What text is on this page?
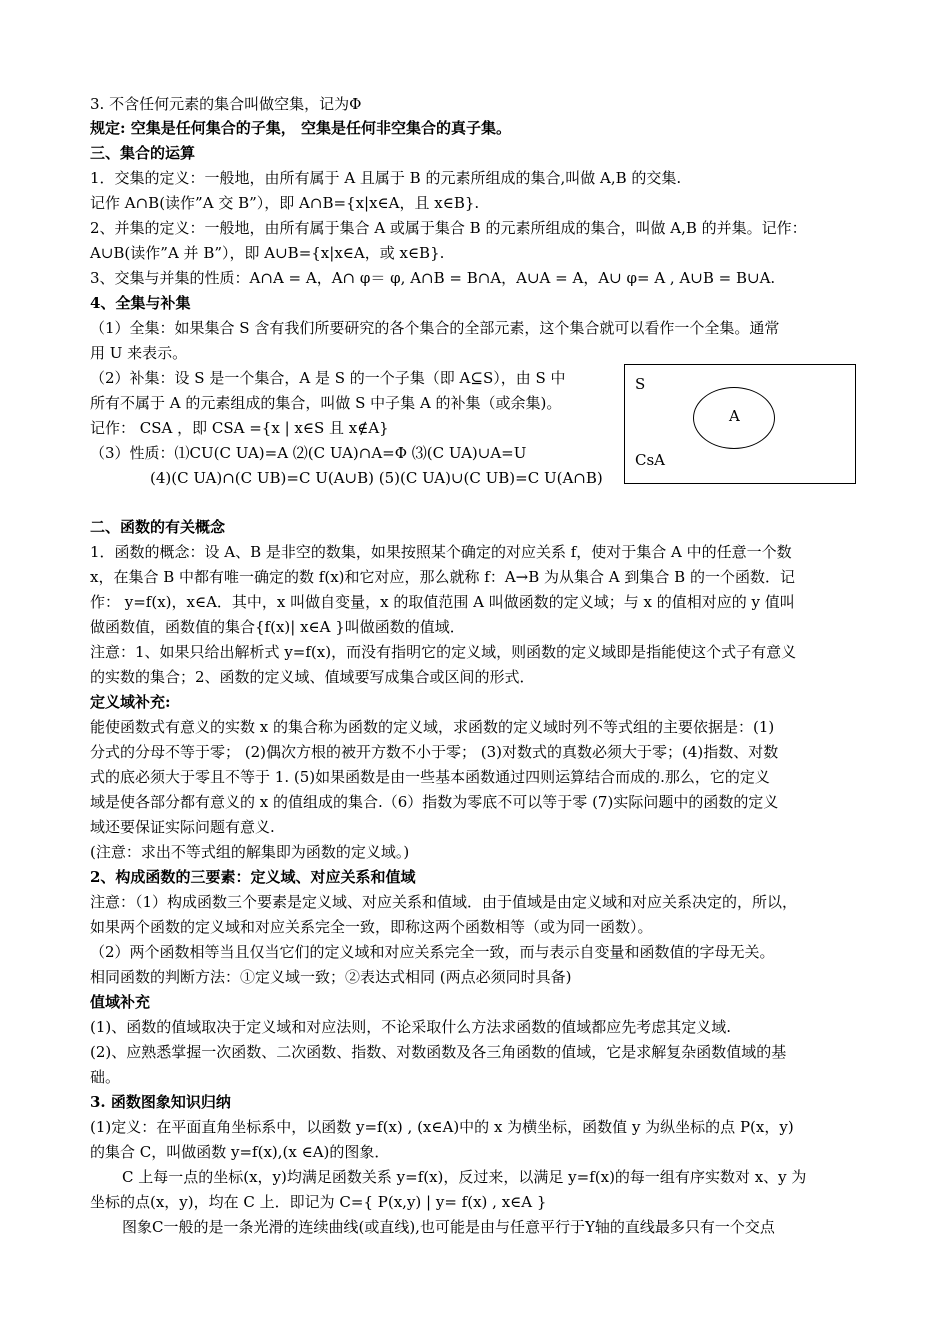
3. 不含任何元素的集合叫做空集，记为Φ
规定: 空集是任何集合的子集， 空集是任何非空集合的真子集。
三、集合的运算
1．交集的定义：一般地，由所有属于 A 且属于 B 的元素所组成的集合,叫做 A,B 的交集.
记作 A∩B(读作”A 交 B”），即 A∩B={x|x∈A，且 x∈B}.
2、并集的定义：一般地，由所有属于集合 A 或属于集合 B 的元素所组成的集合，叫做 A,B 的并集。记作：
A∪B(读作”A 并 B”），即 A∪B={x|x∈A，或 x∈B}.
3、交集与并集的性质：A∩A = A，A∩ φ＝ φ, A∩B = B∩A，A∪A = A，A∪ φ= A , A∪B = B∪A.
4、全集与补集
（1）全集：如果集合 S 含有我们所要研究的各个集合的全部元素，这个集合就可以看作一个全集。通常
用 U 来表示。
（2）补集：设 S 是一个集合，A 是 S 的一个子集（即 A⊆S），由 S 中
所有不属于 A 的元素组成的集合，叫做 S 中子集 A 的补集（或余集)。
记作： CSA ，即 CSA ={x | x∈S 且 x∉A}
（3）性质：⑴CU(C UA)=A ⑵(C UA)∩A=Φ ⑶(C UA)∪A=U
(4)(C UA)∩(C UB)=C U(A∪B) (5)(C UA)∪(C UB)=C U(A∩B)
S
A
CsA
二、函数的有关概念
1．函数的概念：设 A、B 是非空的数集，如果按照某个确定的对应关系 f，使对于集合 A 中的任意一个数
x，在集合 B 中都有唯一确定的数 f(x)和它对应，那么就称 f：A→B 为从集合 A 到集合 B 的一个函数．记
作： y=f(x)，x∈A．其中，x 叫做自变量，x 的取值范围 A 叫做函数的定义域；与 x 的值相对应的 y 值叫
做函数值，函数值的集合{f(x)| x∈A }叫做函数的值域．
注意：1、如果只给出解析式 y=f(x)，而没有指明它的定义域，则函数的定义域即是指能使这个式子有意义
的实数的集合；2、函数的定义域、值域要写成集合或区间的形式．
定义域补充:
能使函数式有意义的实数 x 的集合称为函数的定义域，求函数的定义域时列不等式组的主要依据是：(1)
分式的分母不等于零； (2)偶次方根的被开方数不小于零； (3)对数式的真数必须大于零；(4)指数、对数
式的底必须大于零且不等于 1. (5)如果函数是由一些基本函数通过四则运算结合而成的.那么，它的定义
域是使各部分都有意义的 x 的值组成的集合.（6）指数为零底不可以等于零 (7)实际问题中的函数的定义
域还要保证实际问题有意义.
(注意：求出不等式组的解集即为函数的定义域。)
2、构成函数的三要素：定义域、对应关系和值域
注意：（1）构成函数三个要素是定义域、对应关系和值域．由于值域是由定义域和对应关系决定的，所以，
如果两个函数的定义域和对应关系完全一致，即称这两个函数相等（或为同一函数）。
（2）两个函数相等当且仅当它们的定义域和对应关系完全一致，而与表示自变量和函数值的字母无关。
相同函数的判断方法：①定义域一致；②表达式相同 (两点必须同时具备)
值域补充
(1)、函数的值域取决于定义域和对应法则，不论采取什么方法求函数的值域都应先考虑其定义域.
(2)、应熟悉掌握一次函数、二次函数、指数、对数函数及各三角函数的值域，它是求解复杂函数值域的基
础。
3. 函数图象知识归纳
(1)定义：在平面直角坐标系中，以函数 y=f(x) , (x∈A)中的 x 为横坐标，函数值 y 为纵坐标的点 P(x，y)
的集合 C，叫做函数 y=f(x),(x ∈A)的图象．
C 上每一点的坐标(x，y)均满足函数关系 y=f(x)，反过来，以满足 y=f(x)的每一组有序实数对 x、y 为
坐标的点(x，y)，均在 C 上．即记为 C={ P(x,y) | y= f(x) , x∈A }
图象C一般的是一条光滑的连续曲线(或直线),也可能是由与任意平行于Y轴的直线最多只有一个交点
